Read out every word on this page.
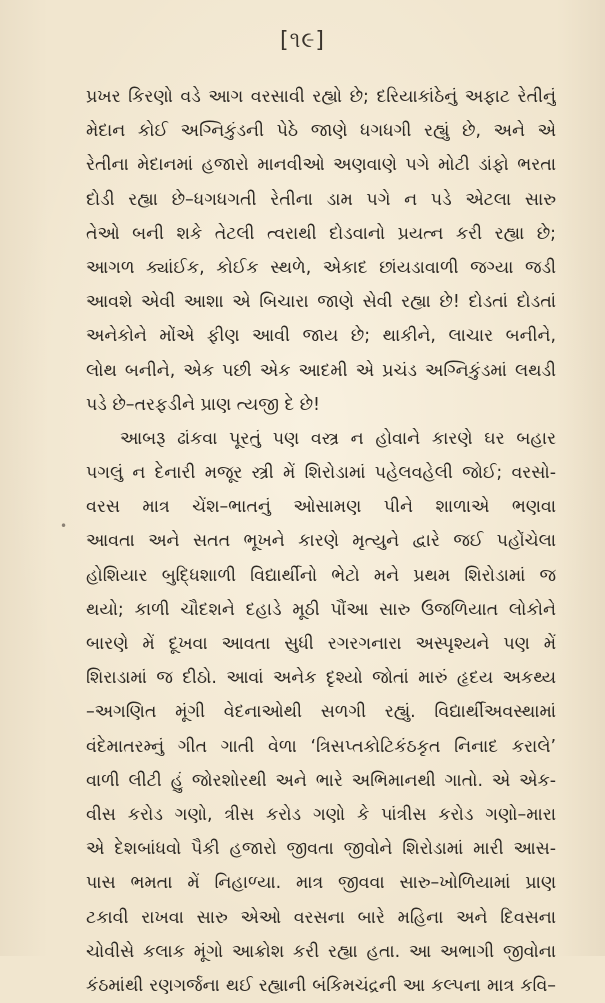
[૧૯]
•
પ્રખર કિરણો વડે આગ વરસાવી રહ્યો છે; દરિયાકાંઠેનું અફાટ રેતીનું
મેદાન કોઈ અગ્નિકુંડની પેઠે જાણે ધગધગી રહ્યું છે, અને એ
રેતીના મેદાનમાં હજારો માનવીઓ અણવાણે પગે મોટી ડાંફો ભરતા
દોડી રહ્યા છે–ધગધગતી રેતીના ડામ પગે ન પડે એટલા સારુ
તેઓ બની શકે તેટલી ત્વરાથી દોડવાનો પ્રયત્ન કરી રહ્યા છે;
આગળ ક્યાંઈક, કોઈક સ્થળે, એકાદ છાંયડાવાળી જગ્યા જડી
આવશે એવી આશા એ બિચારા જાણે સેવી રહ્યા છે! દોડતાં દોડતાં
અનેકોને મોંએ ફીણ આવી જાય છે; થાકીને, લાચાર બનીને,
લોથ બનીને, એક પછી એક આદમી એ પ્રચંડ અગ્નિકુંડમાં લથડી
પડે છે–તરફડીને પ્રાણ ત્યજી દે છે!
આબરૂ ઢાંકવા પૂરતું પણ વસ્ત્ર ન હોવાને કારણે ઘર બહાર
પગલું ન દેનારી મજૂર સ્ત્રી મેં શિરોડામાં પહેલવહેલી જોઈ; વરસો-
વરસ માત્ર ચેંશ–ભાતનું ઓસામણ પીને શાળાએ ભણવા
આવતા અને સતત ભૂખને કારણે મૃત્યુને દ્વારે જઈ પહોંચેલા
હોશિયાર બુદ્ધિશાળી વિદ્યાર્થીનો ભેટો મને પ્રથમ શિરોડામાં જ
થયો; કાળી ચૌદશને દહાડે મૂઠી પૌંઆ સારુ ઉજળિયાત લોકોને
બારણે મેં દૂખવા આવતા સુધી રગરગનારા અસ્પૃશ્યને પણ મેં
શિરાડામાં જ દીઠો. આવાં અનેક દૃશ્યો જોતાં મારું હૃદય અકથ્ય
–અગણિત મૂંગી વેદનાઓથી સળગી રહ્યું. વિદ્યાર્થીઅવસ્થામાં
વંદેમાતરમ્નું ગીત ગાતી વેળા ‘ત્રિસપ્તકોટિકંઠકૃત નિનાદ કરાલે’
વાળી લીટી હું જોરશોરથી અને ભારે અભિમાનથી ગાતો. એ એક-
વીસ કરોડ ગણો, ત્રીસ કરોડ ગણો કે પાંત્રીસ કરોડ ગણો–મારા
એ દેશબાંધવો પૈકી હજારો જીવતા જીવોને શિરોડામાં મારી આસ-
પાસ ભમતા મેં નિહાળ્યા. માત્ર જીવવા સારુ–ખોળિયામાં પ્રાણ
ટકાવી રાખવા સારુ એઓ વરસના બારે મહિના અને દિવસના
ચોવીસે કલાક મૂંગો આક્રોશ કરી રહ્યા હતા. આ અભાગી જીવોના
કંઠમાંથી રણગર્જના થઈ રહ્યાની બંકિમચંદ્રની આ કલ્પના માત્ર કવિ–
